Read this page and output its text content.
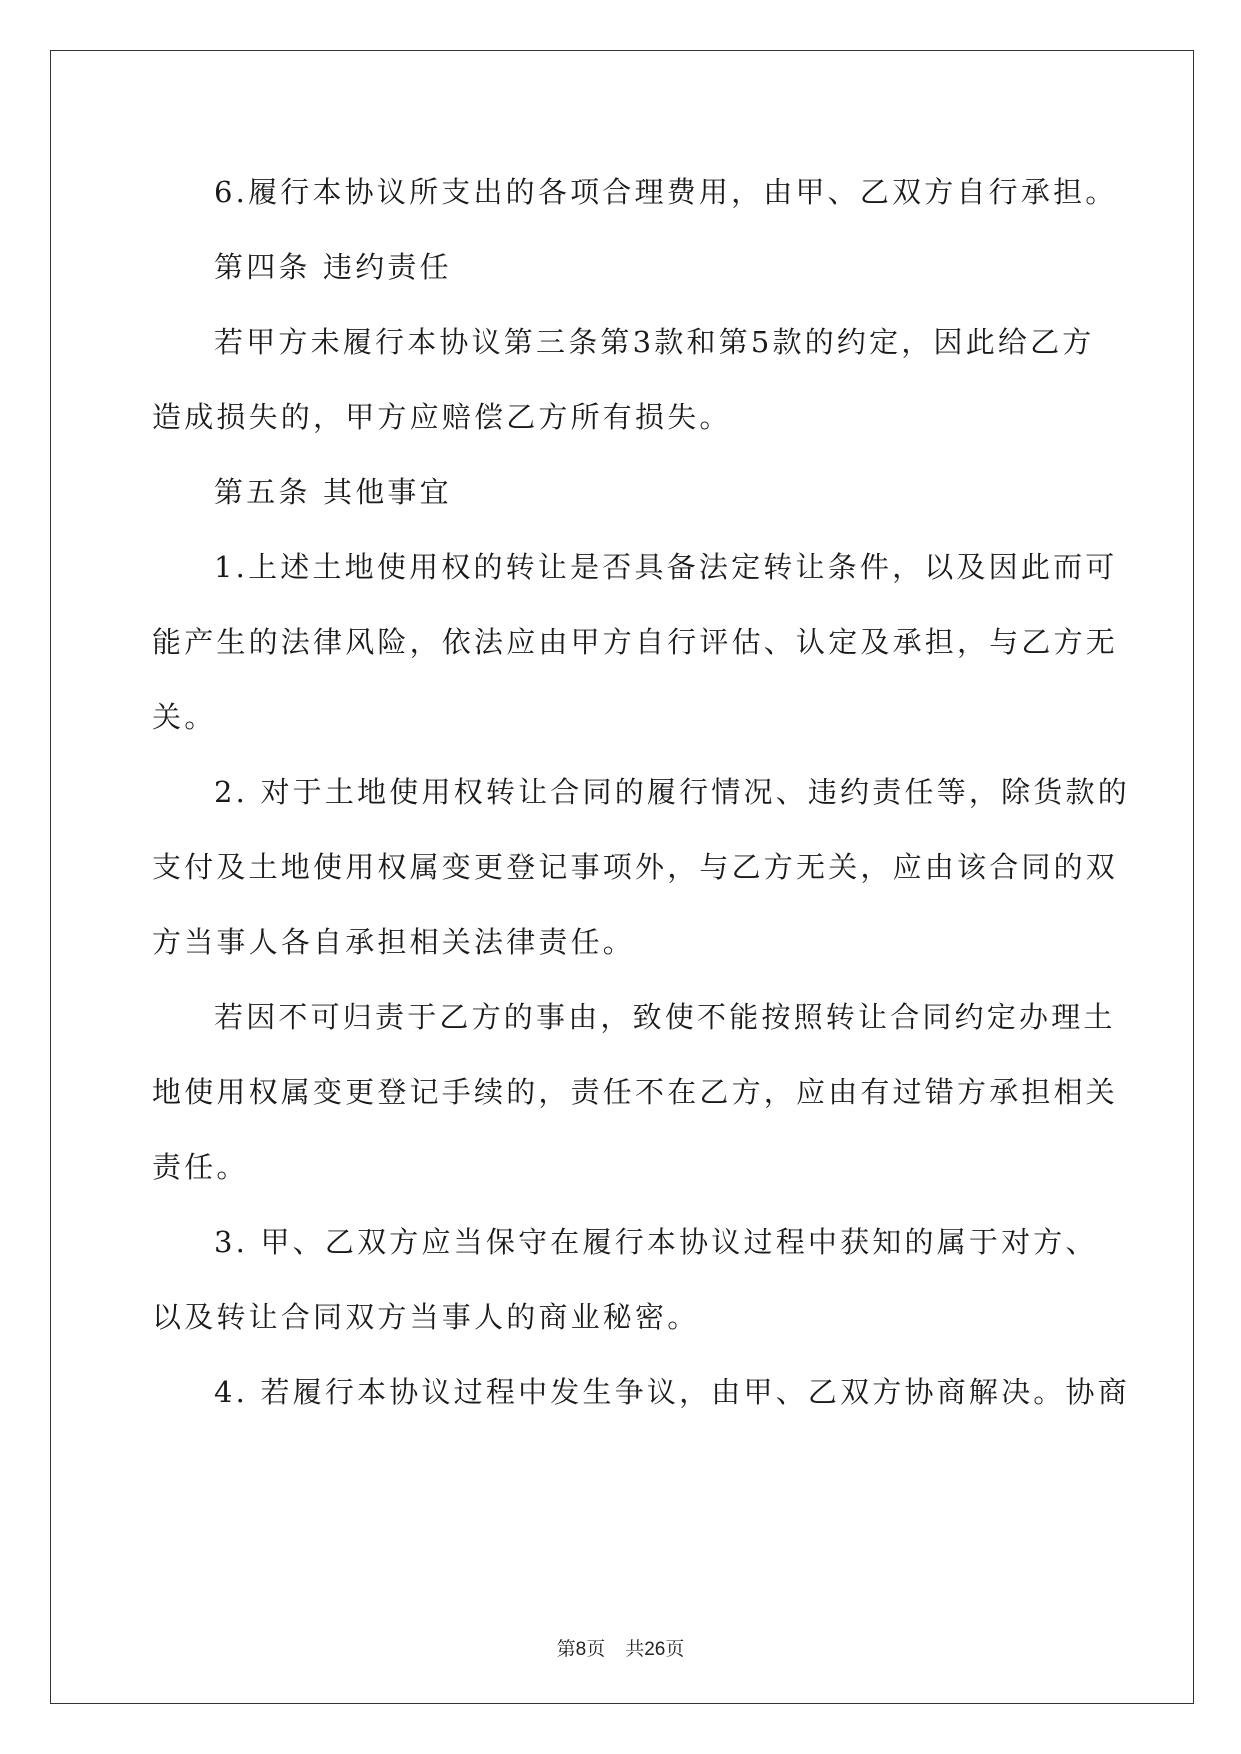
6.履行本协议所支出的各项合理费用，由甲、乙双方自行承担。
第四条 违约责任
若甲方未履行本协议第三条第3款和第5款的约定，因此给乙方
造成损失的，甲方应赔偿乙方所有损失。
第五条 其他事宜
1.上述土地使用权的转让是否具备法定转让条件，以及因此而可
能产生的法律风险，依法应由甲方自行评估、认定及承担，与乙方无
关。
2. 对于土地使用权转让合同的履行情况、违约责任等，除货款的
支付及土地使用权属变更登记事项外，与乙方无关，应由该合同的双
方当事人各自承担相关法律责任。
若因不可归责于乙方的事由，致使不能按照转让合同约定办理土
地使用权属变更登记手续的，责任不在乙方，应由有过错方承担相关
责任。
3. 甲、乙双方应当保守在履行本协议过程中获知的属于对方、
以及转让合同双方当事人的商业秘密。
4. 若履行本协议过程中发生争议，由甲、乙双方协商解决。协商
第8页 共26页
